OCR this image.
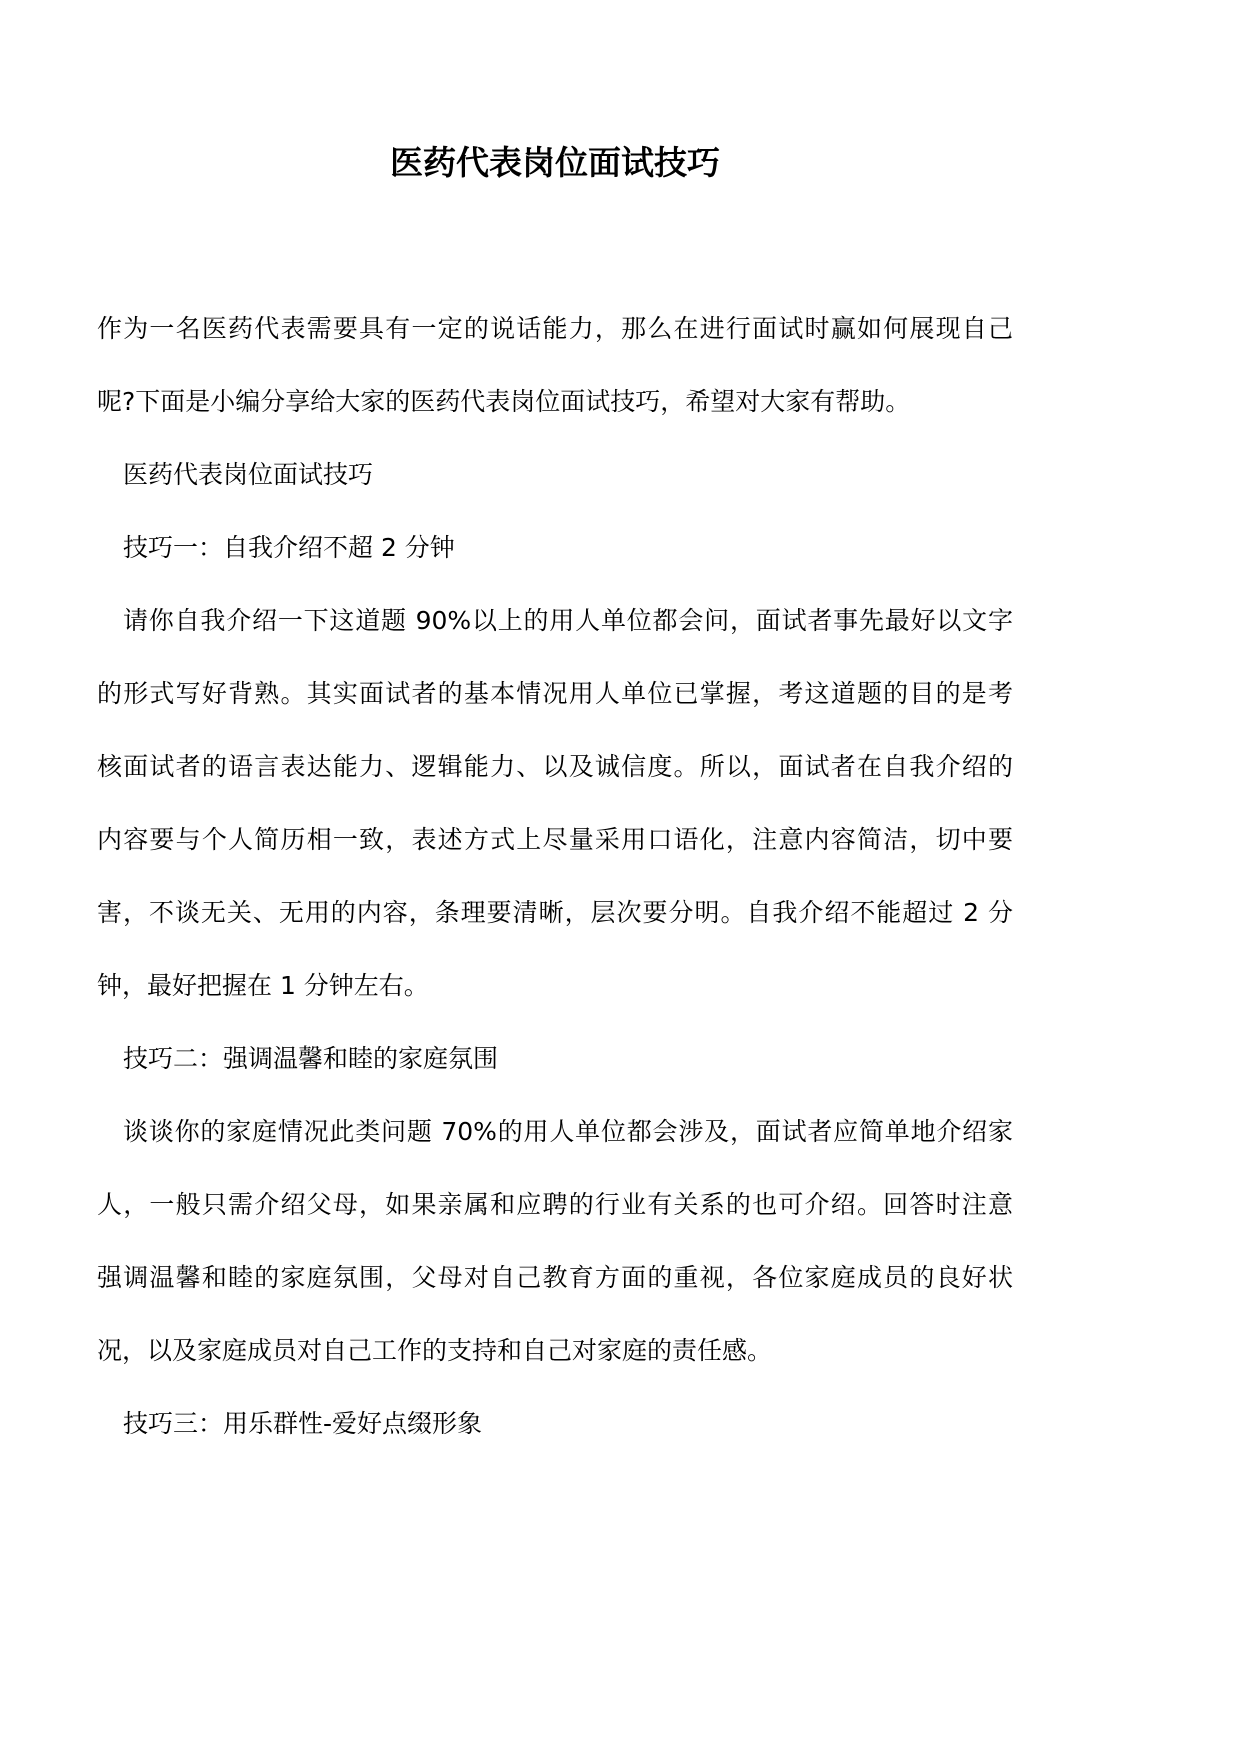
医药代表岗位面试技巧
作为一名医药代表需要具有一定的说话能力，那么在进行面试时赢如何展现自己
呢?下面是小编分享给大家的医药代表岗位面试技巧，希望对大家有帮助。
医药代表岗位面试技巧
技巧一：自我介绍不超 2 分钟
请你自我介绍一下这道题 90%以上的用人单位都会问，面试者事先最好以文字
的形式写好背熟。其实面试者的基本情况用人单位已掌握，考这道题的目的是考
核面试者的语言表达能力、逻辑能力、以及诚信度。所以，面试者在自我介绍的
内容要与个人简历相一致，表述方式上尽量采用口语化，注意内容简洁，切中要
害，不谈无关、无用的内容，条理要清晰，层次要分明。自我介绍不能超过 2 分
钟，最好把握在 1 分钟左右。
技巧二：强调温馨和睦的家庭氛围
谈谈你的家庭情况此类问题 70%的用人单位都会涉及，面试者应简单地介绍家
人，一般只需介绍父母，如果亲属和应聘的行业有关系的也可介绍。回答时注意
强调温馨和睦的家庭氛围，父母对自己教育方面的重视，各位家庭成员的良好状
况，以及家庭成员对自己工作的支持和自己对家庭的责任感。
技巧三：用乐群性-爱好点缀形象
